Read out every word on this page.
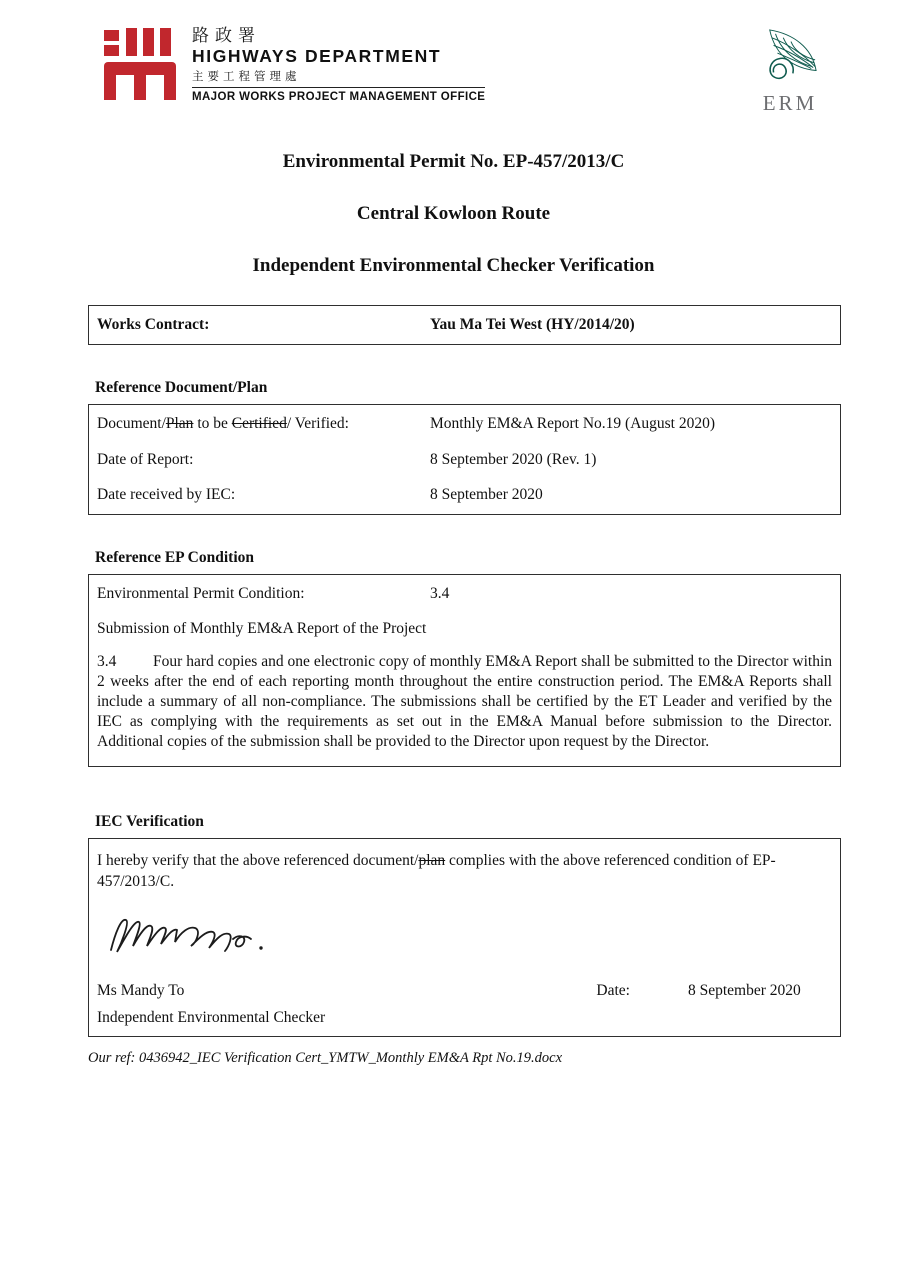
路政署
HIGHWAYS DEPARTMENT
主要工程管理處
MAJOR WORKS PROJECT MANAGEMENT OFFICE	ERM
Environmental Permit No. EP-457/2013/C
Central Kowloon Route
Independent Environmental Checker Verification
Works Contract:	Yau Ma Tei West (HY/2014/20)
Reference Document/Plan
Document/Plan to be Certified/ Verified:	Monthly EM&A Report No.19 (August 2020)
Date of Report:	8 September 2020 (Rev. 1)
Date received by IEC:	8 September 2020
Reference EP Condition
Environmental Permit Condition:	3.4
Submission of Monthly EM&A Report of the Project

3.4 Four hard copies and one electronic copy of monthly EM&A Report shall be submitted to the Director within 2 weeks after the end of each reporting month throughout the entire construction period. The EM&A Reports shall include a summary of all non-compliance. The submissions shall be certified by the ET Leader and verified by the IEC as complying with the requirements as set out in the EM&A Manual before submission to the Director. Additional copies of the submission shall be provided to the Director upon request by the Director.

IEC Verification

I hereby verify that the above referenced document/plan complies with the above referenced condition of EP-457/2013/C.

Ms Mandy To	Date:	8 September 2020
Independent Environmental Checker
Our ref: 0436942_IEC Verification Cert_YMTW_Monthly EM&A Rpt No.19.docx
